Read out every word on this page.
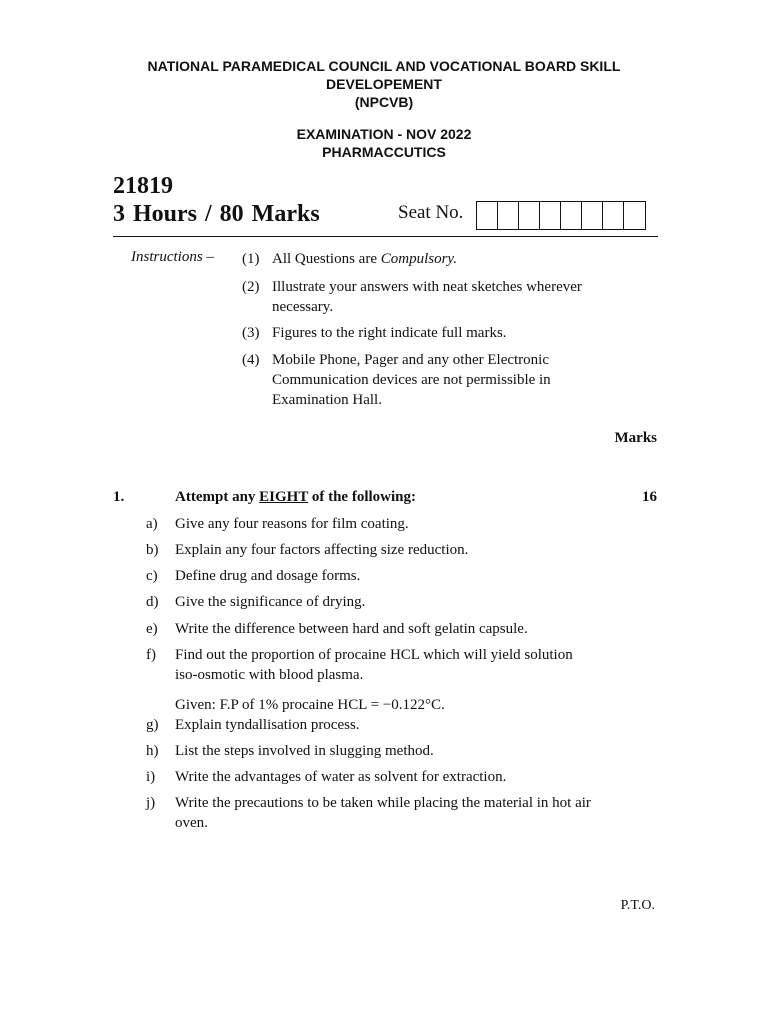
NATIONAL PARAMEDICAL COUNCIL AND VOCATIONAL BOARD SKILL
DEVELOPEMENT
(NPCVB)
EXAMINATION - NOV 2022
PHARMACCUTICS
21819
3 Hours / 80 Marks	Seat No.
Instructions – (1) All Questions are Compulsory.
(2) Illustrate your answers with neat sketches wherever necessary.
(3) Figures to the right indicate full marks.
(4) Mobile Phone, Pager and any other Electronic Communication devices are not permissible in Examination Hall.
Marks
1.	Attempt any EIGHT of the following:	16
a) Give any four reasons for film coating.
b) Explain any four factors affecting size reduction.
c) Define drug and dosage forms.
d) Give the significance of drying.
e) Write the difference between hard and soft gelatin capsule.
f) Find out the proportion of procaine HCL which will yield solution iso-osmotic with blood plasma.
Given: F.P of 1% procaine HCL = −0.122°C.
g) Explain tyndallisation process.
h) List the steps involved in slugging method.
i) Write the advantages of water as solvent for extraction.
j) Write the precautions to be taken while placing the material in hot air oven.
P.T.O.
